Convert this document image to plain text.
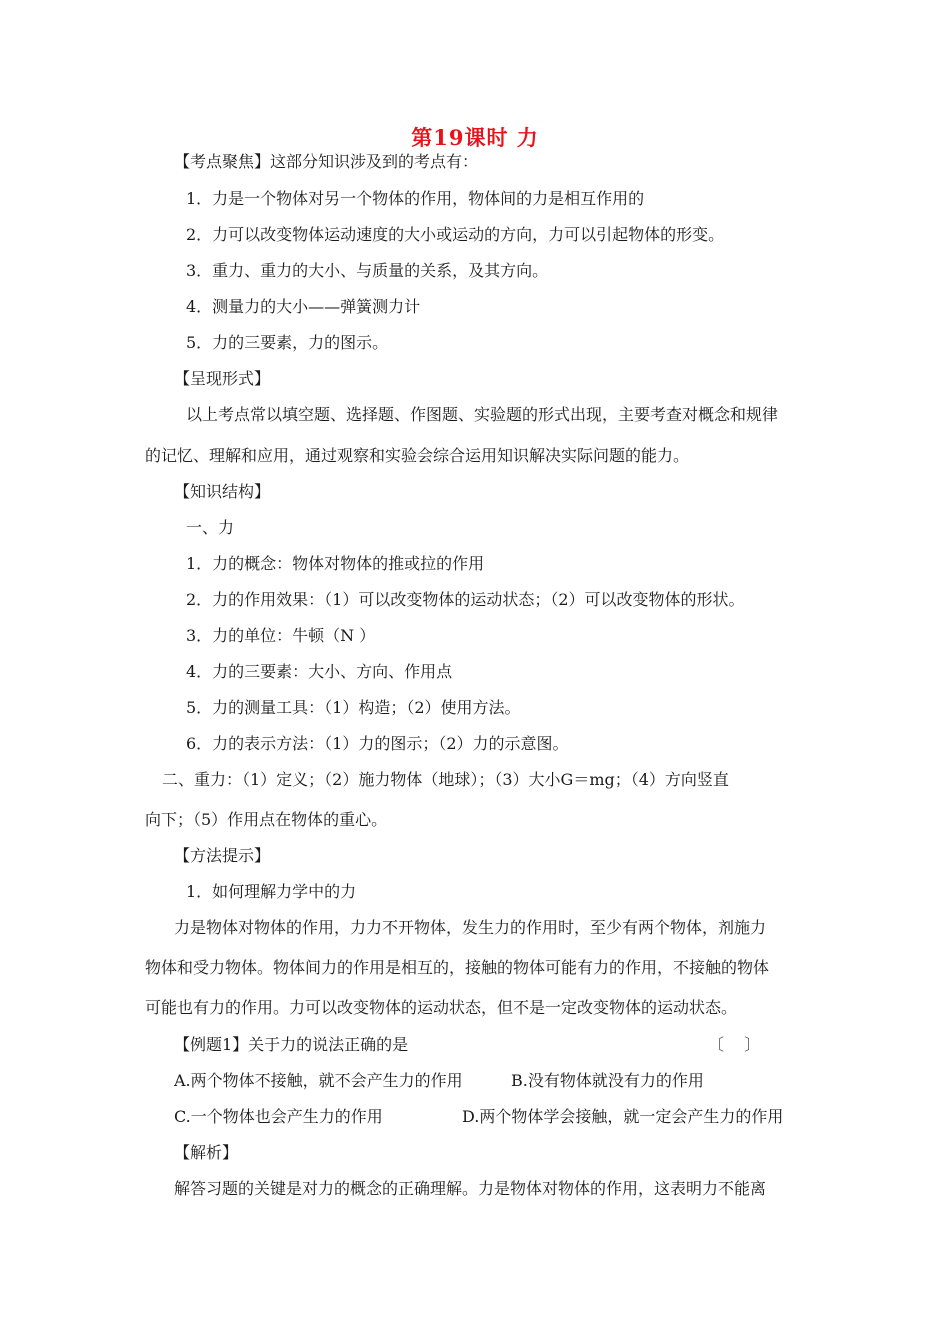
第19课时 力
【考点聚焦】这部分知识涉及到的考点有：
1．力是一个物体对另一个物体的作用，物体间的力是相互作用的
2．力可以改变物体运动速度的大小或运动的方向，力可以引起物体的形变。
3．重力、重力的大小、与质量的关系，及其方向。
4．测量力的大小——弹簧测力计
5．力的三要素，力的图示。
【呈现形式】
以上考点常以填空题、选择题、作图题、实验题的形式出现，主要考查对概念和规律
的记忆、理解和应用，通过观察和实验会综合运用知识解决实际问题的能力。
【知识结构】
一、力
1．力的概念：物体对物体的推或拉的作用
2．力的作用效果：（1）可以改变物体的运动状态；（2）可以改变物体的形状。
3．力的单位：牛顿（N ）
4．力的三要素：大小、方向、作用点
5．力的测量工具：（1）构造；（2）使用方法。
6．力的表示方法：（1）力的图示；（2）力的示意图。
二、重力：（1）定义；（2）施力物体（地球）；（3）大小G＝mg；（4）方向竖直
向下；（5）作用点在物体的重心。
【方法提示】
1．如何理解力学中的力
力是物体对物体的作用，力力不开物体，发生力的作用时，至少有两个物体，剂施力
物体和受力物体。物体间力的作用是相互的，接触的物体可能有力的作用，不接触的物体
可能也有力的作用。力可以改变物体的运动状态，但不是一定改变物体的运动状态。
【例题1】关于力的说法正确的是	〔    〕
A.两个物体不接触，就不会产生力的作用	B.没有物体就没有力的作用
C.一个物体也会产生力的作用	D.两个物体学会接触，就一定会产生力的作用
【解析】
解答习题的关键是对力的概念的正确理解。力是物体对物体的作用，这表明力不能离
